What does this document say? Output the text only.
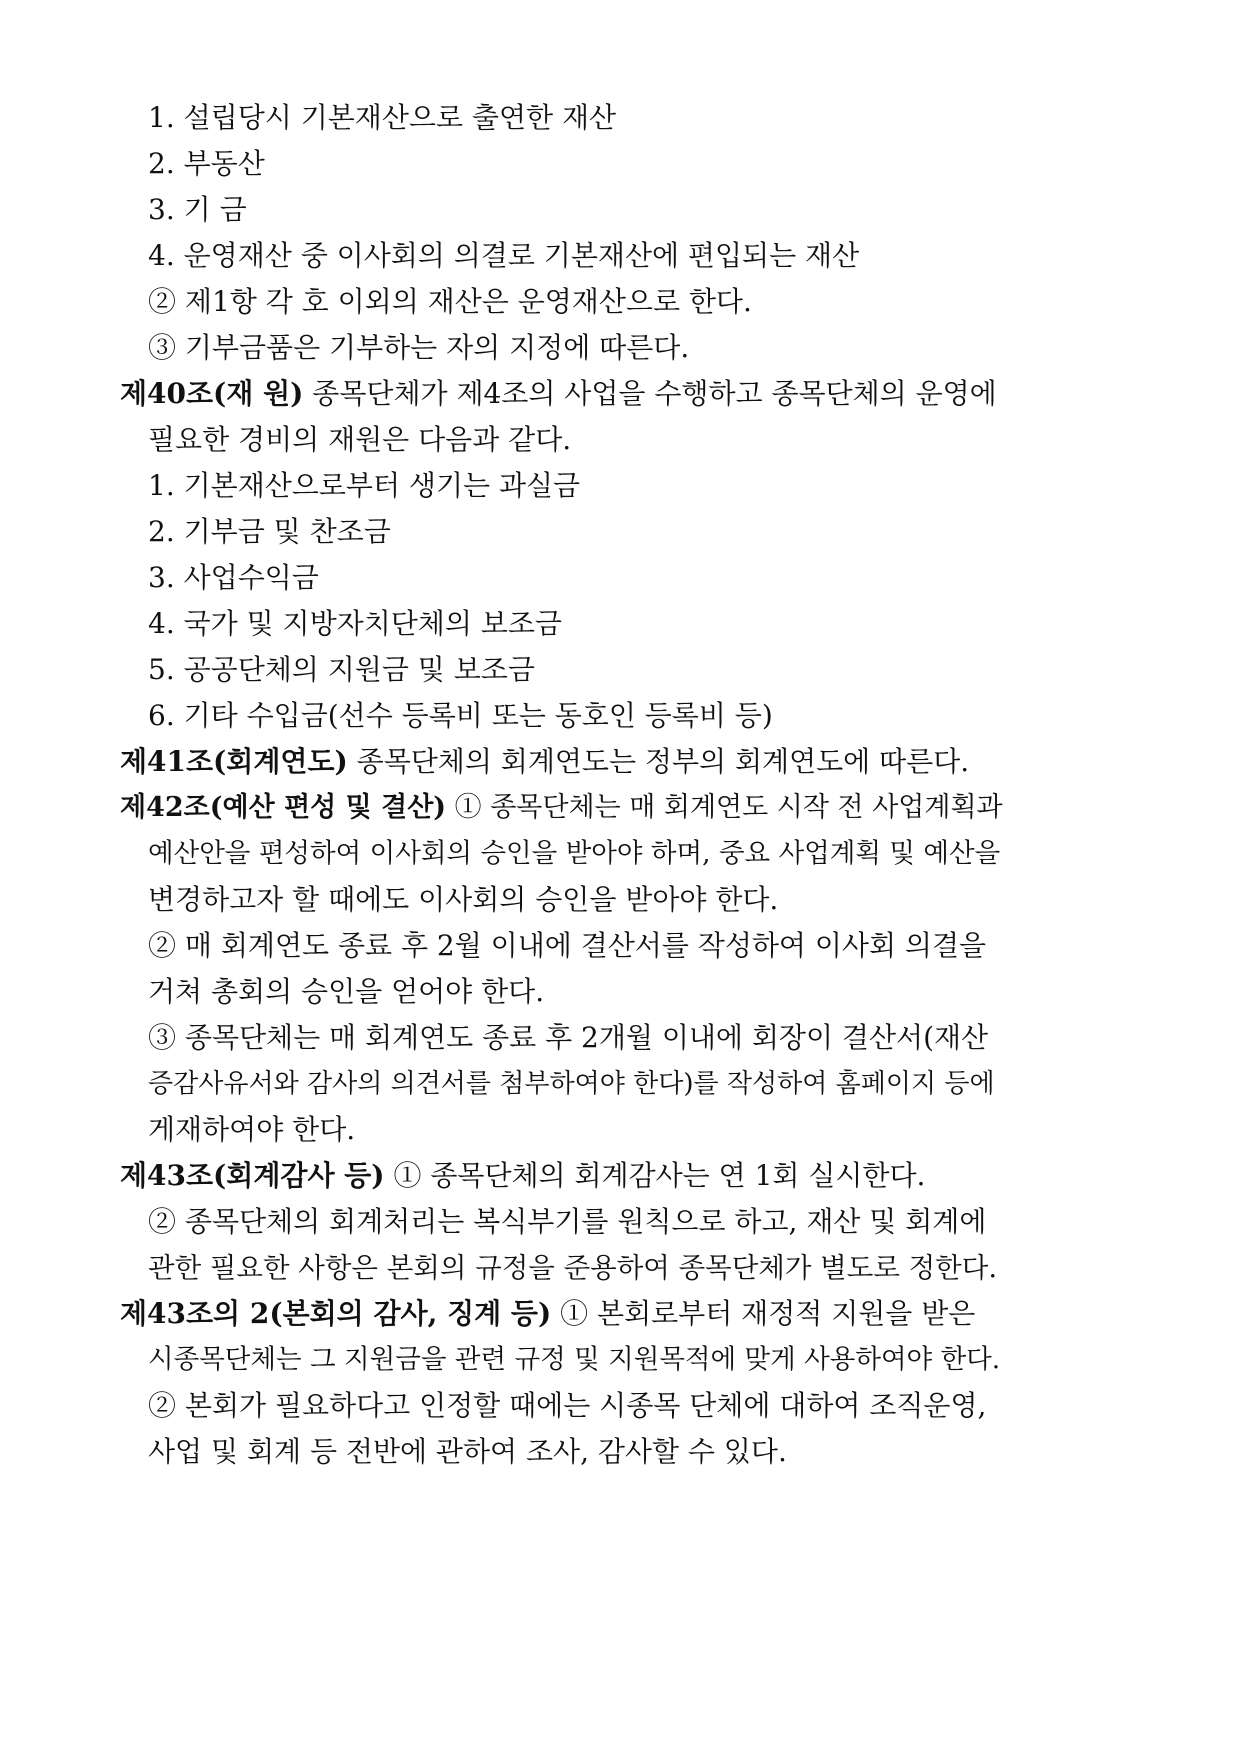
1. 설립당시 기본재산으로 출연한 재산
2. 부동산
3. 기 금
4. 운영재산 중 이사회의 의결로 기본재산에 편입되는 재산
② 제1항 각 호 이외의 재산은 운영재산으로 한다.
③ 기부금품은 기부하는 자의 지정에 따른다.
제40조(재 원) 종목단체가 제4조의 사업을 수행하고 종목단체의 운영에
필요한 경비의 재원은 다음과 같다.
1. 기본재산으로부터 생기는 과실금
2. 기부금 및 찬조금
3. 사업수익금
4. 국가 및 지방자치단체의 보조금
5. 공공단체의 지원금 및 보조금
6. 기타 수입금(선수 등록비 또는 동호인 등록비 등)
제41조(회계연도) 종목단체의 회계연도는 정부의 회계연도에 따른다.
제42조(예산 편성 및 결산) ① 종목단체는 매 회계연도 시작 전 사업계획과
예산안을 편성하여 이사회의 승인을 받아야 하며, 중요 사업계획 및 예산을
변경하고자 할 때에도 이사회의 승인을 받아야 한다.
② 매 회계연도 종료 후 2월 이내에 결산서를 작성하여 이사회 의결을
거쳐 총회의 승인을 얻어야 한다.
③ 종목단체는 매 회계연도 종료 후 2개월 이내에 회장이 결산서(재산
증감사유서와 감사의 의견서를 첨부하여야 한다)를 작성하여 홈페이지 등에
게재하여야 한다.
제43조(회계감사 등) ① 종목단체의 회계감사는 연 1회 실시한다.
② 종목단체의 회계처리는 복식부기를 원칙으로 하고, 재산 및 회계에
관한 필요한 사항은 본회의 규정을 준용하여 종목단체가 별도로 정한다.
제43조의 2(본회의 감사, 징계 등) ① 본회로부터 재정적 지원을 받은
시종목단체는 그 지원금을 관련 규정 및 지원목적에 맞게 사용하여야 한다.
② 본회가 필요하다고 인정할 때에는 시종목 단체에 대하여 조직운영,
사업 및 회계 등 전반에 관하여 조사, 감사할 수 있다.
